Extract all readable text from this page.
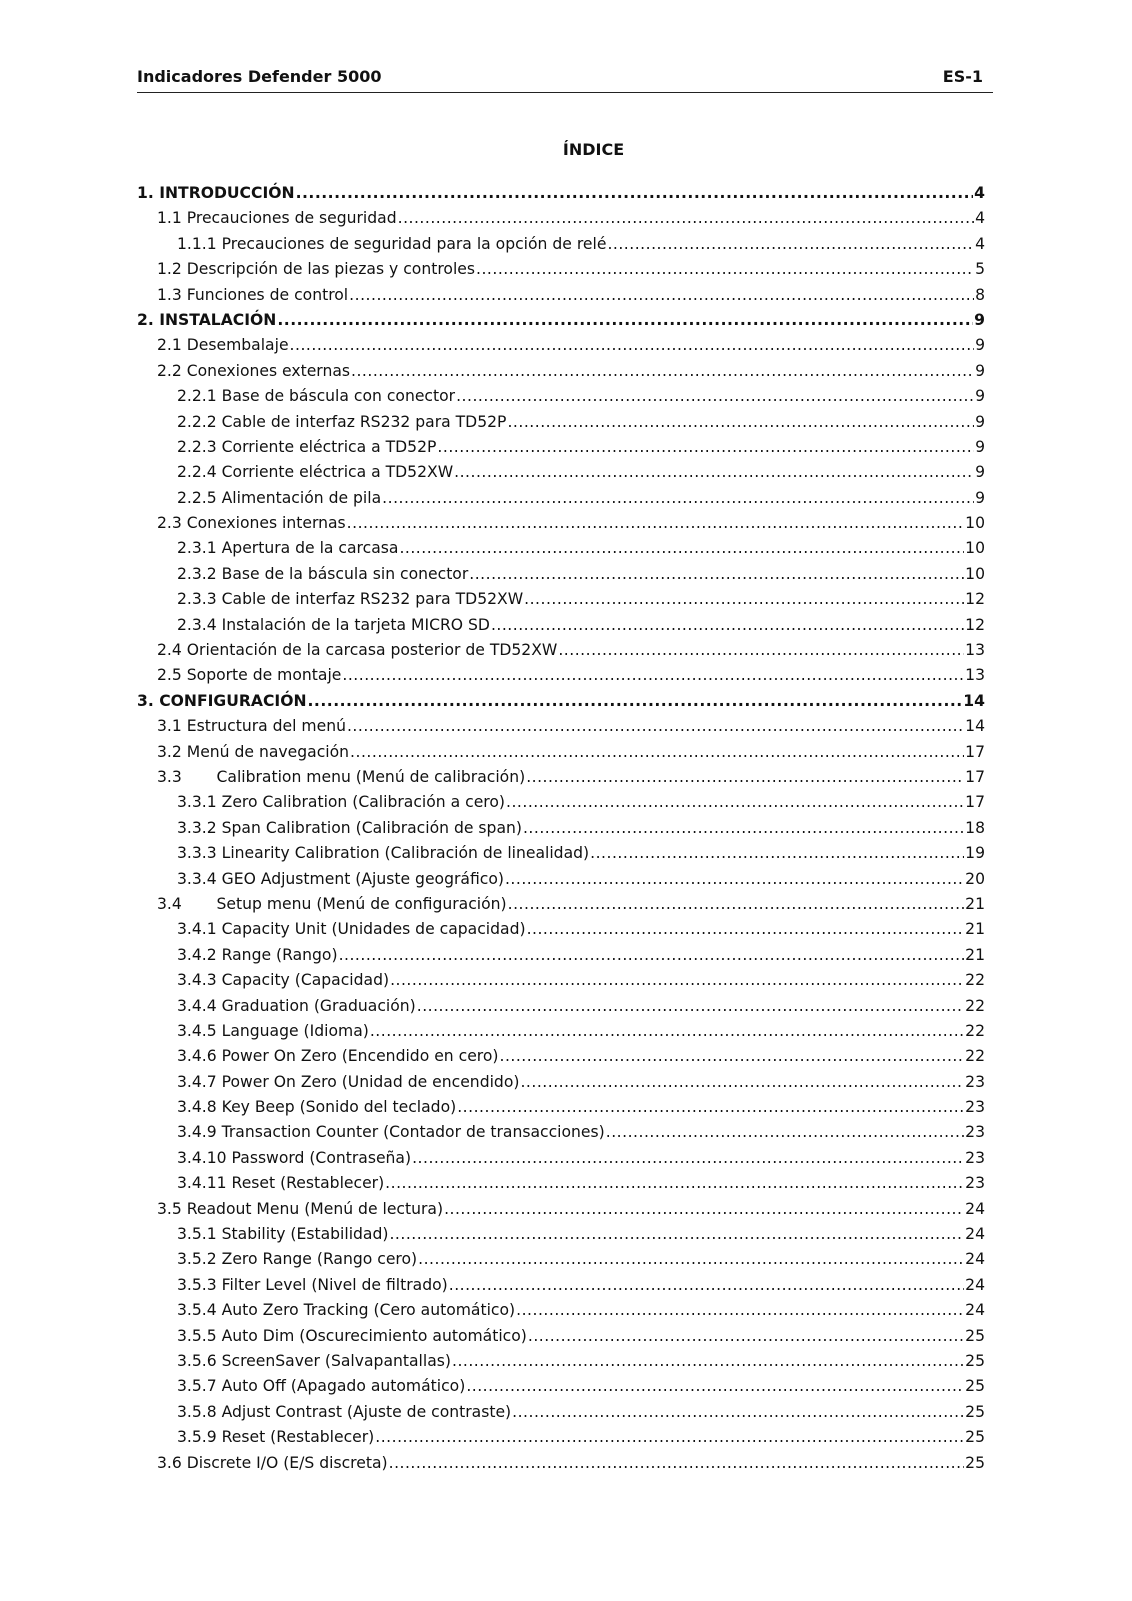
Indicadores Defender 5000	ES-1
ÍNDICE
1. INTRODUCCIÓN .....	4
1.1 Precauciones de seguridad .....	4
1.1.1 Precauciones de seguridad para la opción de relé .....	4
1.2 Descripción de las piezas y controles .....	5
1.3 Funciones de control .....	8
2. INSTALACIÓN .....	9
2.1 Desembalaje .....	9
2.2 Conexiones externas .....	9
2.2.1 Base de báscula con conector .....	9
2.2.2 Cable de interfaz RS232 para TD52P .....	9
2.2.3 Corriente eléctrica a TD52P .....	9
2.2.4 Corriente eléctrica a TD52XW .....	9
2.2.5 Alimentación de pila .....	9
2.3 Conexiones internas .....	10
2.3.1 Apertura de la carcasa .....	10
2.3.2 Base de la báscula sin conector .....	10
2.3.3 Cable de interfaz RS232 para TD52XW .....	12
2.3.4 Instalación de la tarjeta MICRO SD .....	12
2.4 Orientación de la carcasa posterior de TD52XW .....	13
2.5 Soporte de montaje .....	13
3. CONFIGURACIÓN .....	14
3.1 Estructura del menú .....	14
3.2 Menú de navegación .....	17
3.3       Calibration menu (Menú de calibración) .....	17
3.3.1 Zero Calibration (Calibración a cero) .....	17
3.3.2 Span Calibration (Calibración de span) .....	18
3.3.3 Linearity Calibration (Calibración de linealidad) .....	19
3.3.4 GEO Adjustment (Ajuste geográfico) .....	20
3.4       Setup menu (Menú de configuración) .....	21
3.4.1 Capacity Unit (Unidades de capacidad) .....	21
3.4.2 Range (Rango) .....	21
3.4.3 Capacity (Capacidad) .....	22
3.4.4 Graduation (Graduación) .....	22
3.4.5 Language (Idioma) .....	22
3.4.6 Power On Zero (Encendido en cero) .....	22
3.4.7 Power On Zero (Unidad de encendido) .....	23
3.4.8 Key Beep (Sonido del teclado) .....	23
3.4.9 Transaction Counter (Contador de transacciones) .....	23
3.4.10 Password (Contraseña) .....	23
3.4.11 Reset (Restablecer) .....	23
3.5 Readout Menu (Menú de lectura) .....	24
3.5.1 Stability (Estabilidad) .....	24
3.5.2 Zero Range (Rango cero) .....	24
3.5.3 Filter Level (Nivel de filtrado) .....	24
3.5.4 Auto Zero Tracking (Cero automático) .....	24
3.5.5 Auto Dim (Oscurecimiento automático) .....	25
3.5.6 ScreenSaver (Salvapantallas) .....	25
3.5.7 Auto Off (Apagado automático) .....	25
3.5.8 Adjust Contrast (Ajuste de contraste) .....	25
3.5.9 Reset (Restablecer) .....	25
3.6 Discrete I/O (E/S discreta) .....	25
